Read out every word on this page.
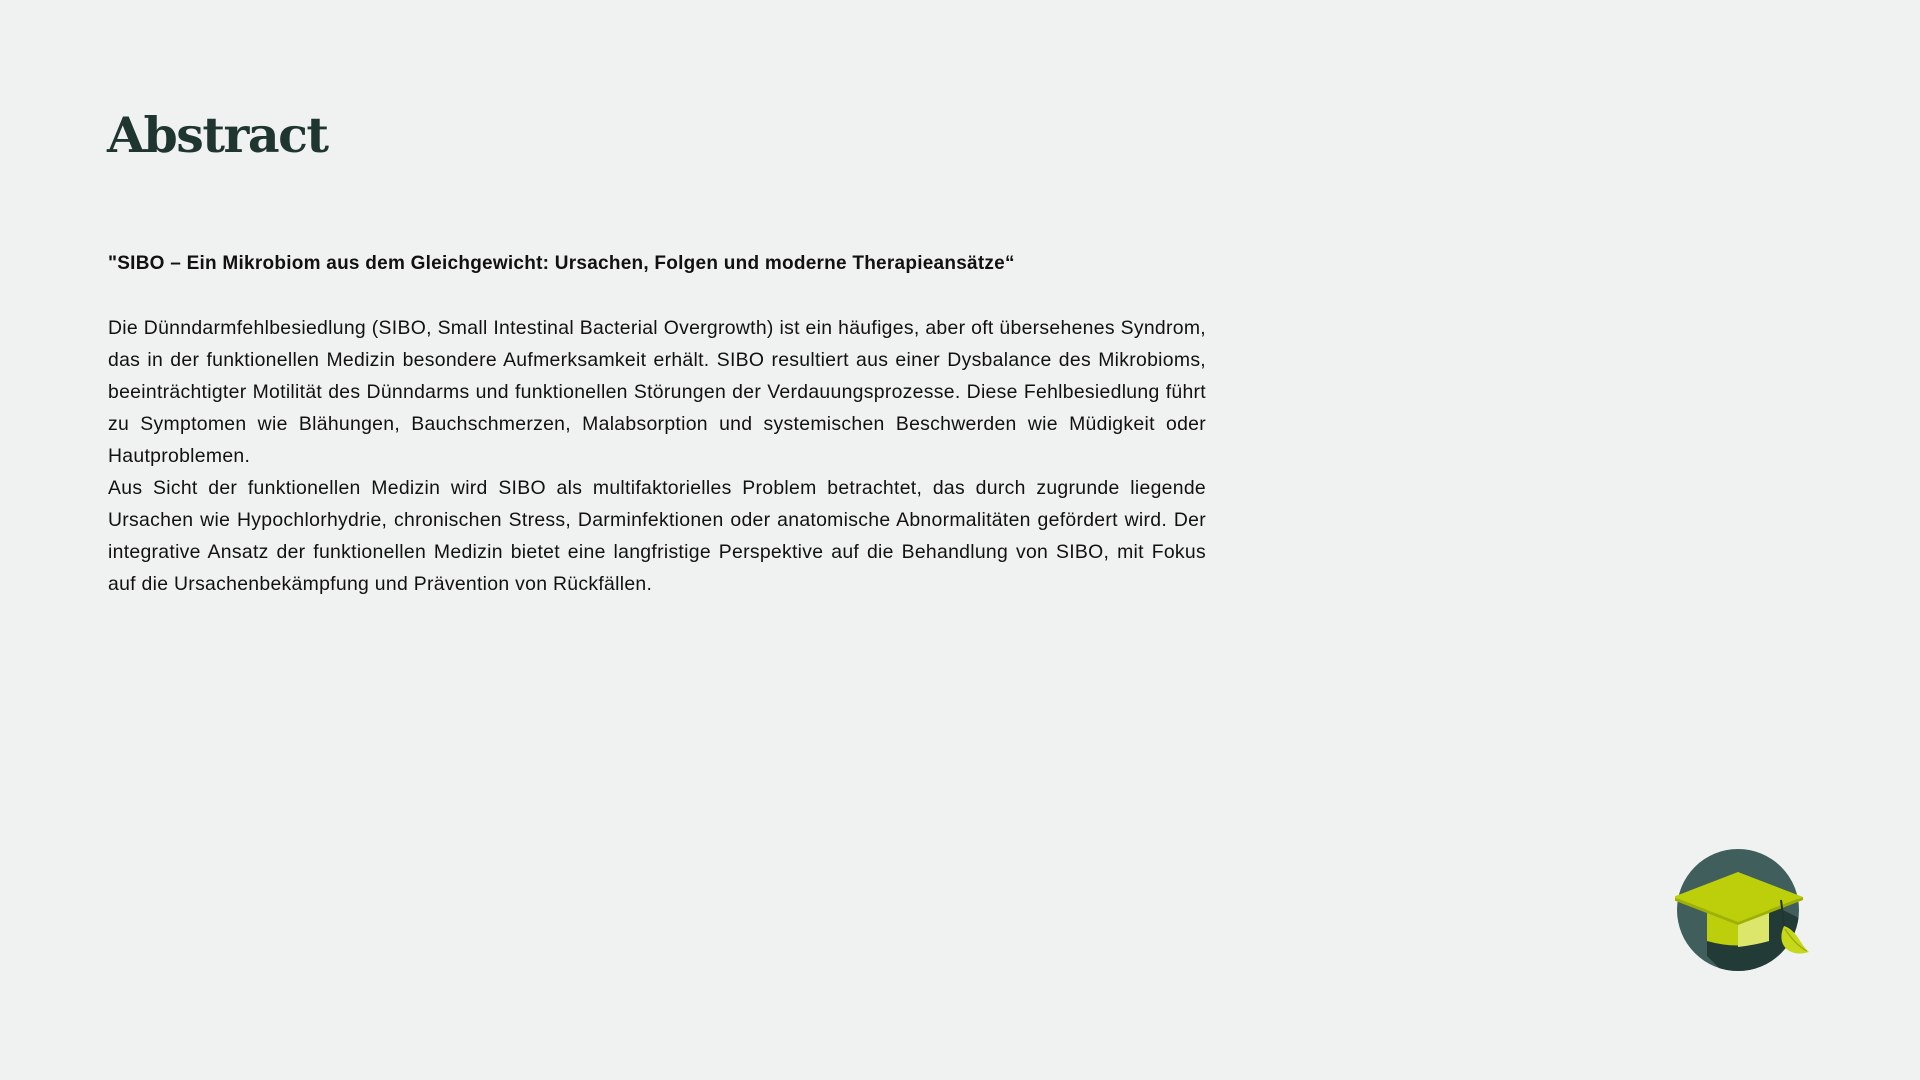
Abstract

"SIBO – Ein Mikrobiom aus dem Gleichgewicht: Ursachen, Folgen und moderne Therapieansätze“

Die Dünndarmfehlbesiedlung (SIBO, Small Intestinal Bacterial Overgrowth) ist ein häufiges, aber oft übersehenes Syndrom, das in der funktionellen Medizin besondere Aufmerksamkeit erhält. SIBO resultiert aus einer Dysbalance des Mikrobioms, beeinträchtigter Motilität des Dünndarms und funktionellen Störungen der Verdauungsprozesse. Diese Fehlbesiedlung führt zu Symptomen wie Blähungen, Bauchschmerzen, Malabsorption und systemischen Beschwerden wie Müdigkeit oder Hautproblemen.

Aus Sicht der funktionellen Medizin wird SIBO als multifaktorielles Problem betrachtet, das durch zugrunde liegende Ursachen wie Hypochlorhydrie, chronischen Stress, Darminfektionen oder anatomische Abnormalitäten gefördert wird. Der integrative Ansatz der funktionellen Medizin bietet eine langfristige Perspektive auf die Behandlung von SIBO, mit Fokus auf die Ursachenbekämpfung und Prävention von Rückfällen.
